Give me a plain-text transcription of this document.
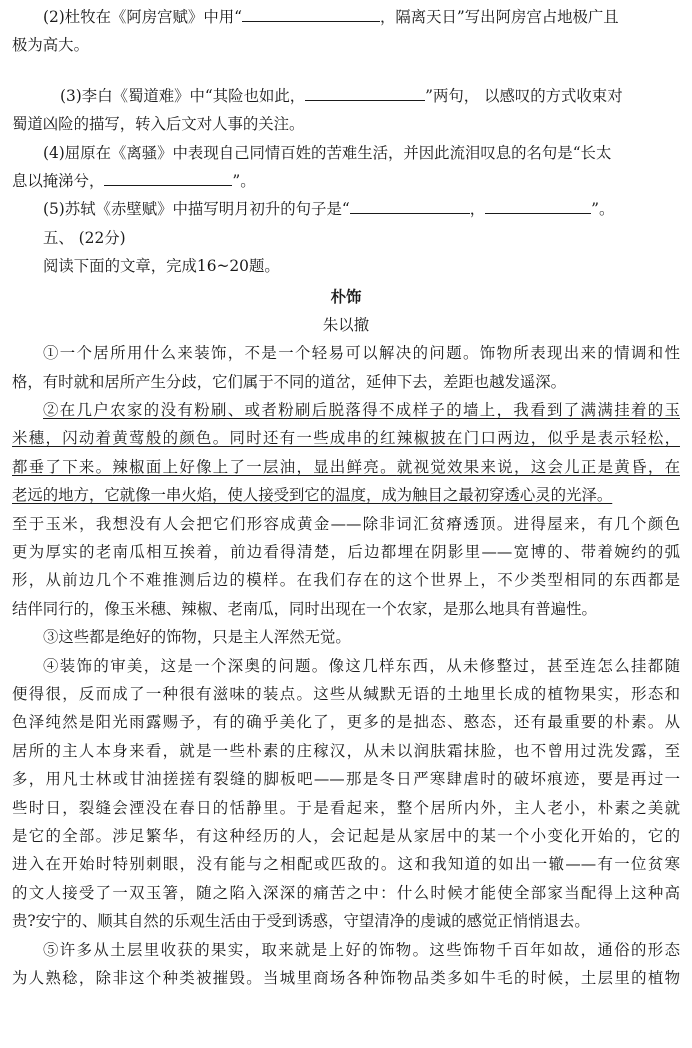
(2)杜牧在《阿房宫赋》中用“	，隔离天日”写出阿房宫占地极广且
极为高大。
(3)李白《蜀道难》中“其险也如此，	”两句， 以感叹的方式收束对
蜀道凶险的描写，转入后文对人事的关注。
(4)屈原在《离骚》中表现自己同情百姓的苦难生活，并因此流泪叹息的名句是“长太
息以掩涕兮，	”。
(5)苏轼《赤壁赋》中描写明月初升的句子是“	，	”。
五、 (22分)
阅读下面的文章，完成16~20题。
朴饰
朱以撤
①一个居所用什么来装饰，不是一个轻易可以解决的问题。饰物所表现出来的情调和性
格，有时就和居所产生分歧，它们属于不同的道岔，延伸下去，差距也越发遥深。
②在几户农家的没有粉刷、或者粉刷后脱落得不成样子的墙上，我看到了满满挂着的玉
米穗，闪动着黄莺般的颜色。同时还有一些成串的红辣椒披在门口两边，似乎是表示轻松，
都垂了下来。辣椒面上好像上了一层油，显出鲜亮。就视觉效果来说，这会儿正是黄昏，在
老远的地方，它就像一串火焰，使人接受到它的温度，成为触目之最初穿透心灵的光泽。
至于玉米，我想没有人会把它们形容成黄金——除非词汇贫瘠透顶。进得屋来，有几个颜色
更为厚实的老南瓜相互挨着，前边看得清楚，后边都埋在阴影里——宽博的、带着婉约的弧
形，从前边几个不难推测后边的模样。在我们存在的这个世界上，不少类型相同的东西都是
结伴同行的，像玉米穗、辣椒、老南瓜，同时出现在一个农家，是那么地具有普遍性。
③这些都是绝好的饰物，只是主人浑然无觉。
④装饰的审美，这是一个深奥的问题。像这几样东西，从未修整过，甚至连怎么挂都随
便得很，反而成了一种很有滋味的装点。这些从缄默无语的土地里长成的植物果实，形态和
色泽纯然是阳光雨露赐予，有的确乎美化了，更多的是拙态、憨态，还有最重要的朴素。从
居所的主人本身来看，就是一些朴素的庄稼汉，从未以润肤霜抹脸，也不曾用过洗发露，至
多，用凡士林或甘油搓搓有裂缝的脚板吧——那是冬日严寒肆虐时的破坏痕迹，要是再过一
些时日，裂缝会湮没在春日的恬静里。于是看起来，整个居所内外，主人老小，朴素之美就
是它的全部。涉足繁华，有这种经历的人，会记起是从家居中的某一个小变化开始的，它的
进入在开始时特别刺眼，没有能与之相配或匹敌的。这和我知道的如出一辙——有一位贫寒
的文人接受了一双玉箸，随之陷入深深的痛苦之中：什么时候才能使全部家当配得上这种高
贵?安宁的、顺其自然的乐观生活由于受到诱惑，守望清净的虔诚的感觉正悄悄退去。
⑤许多从土层里收获的果实，取来就是上好的饰物。这些饰物千百年如故，通俗的形态
为人熟稔，除非这个种类被摧毁。当城里商场各种饰物品类多如牛毛的时候，土层里的植物
